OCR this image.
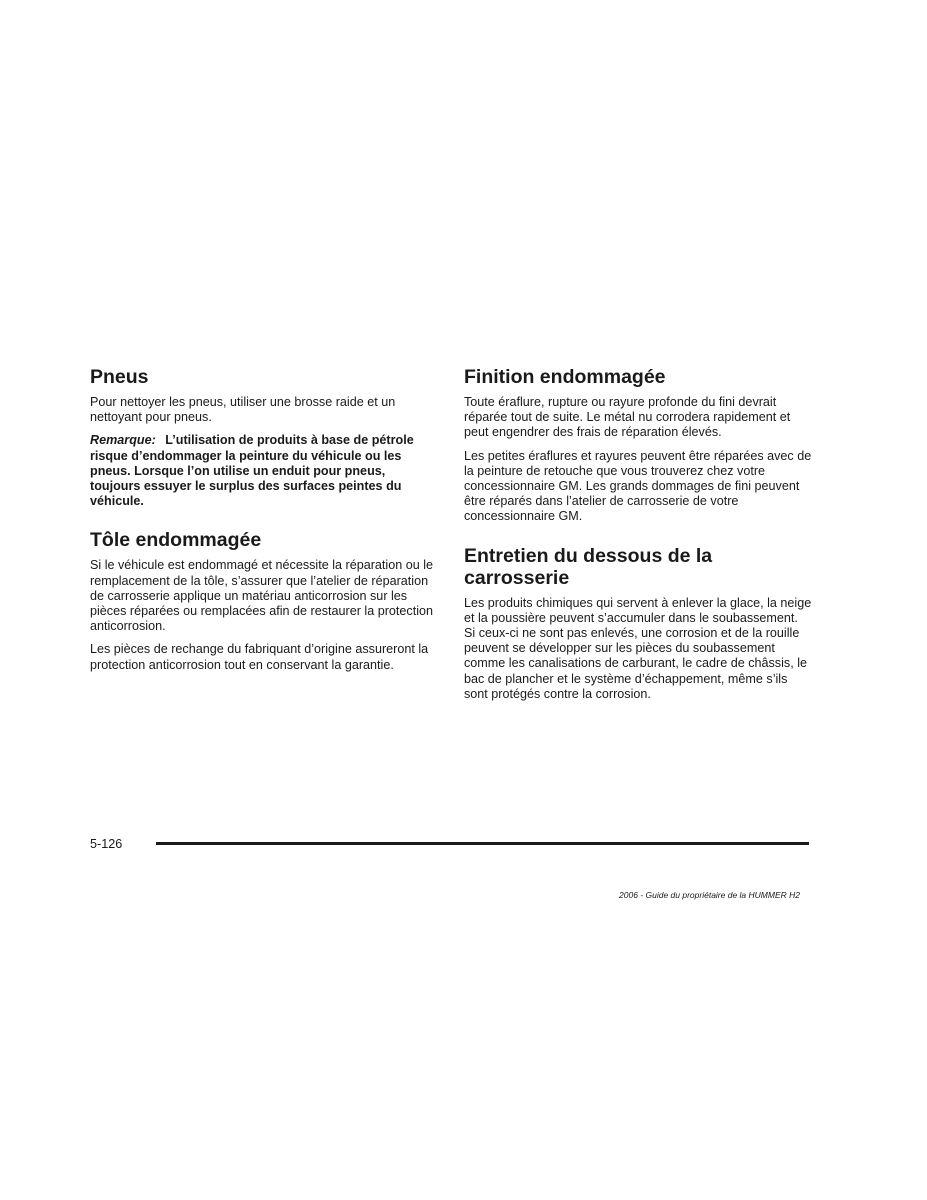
Pneus

Pour nettoyer les pneus, utiliser une brosse raide et un nettoyant pour pneus.

Remarque: L’utilisation de produits à base de pétrole risque d’endommager la peinture du véhicule ou les pneus. Lorsque l’on utilise un enduit pour pneus, toujours essuyer le surplus des surfaces peintes du véhicule.

Tôle endommagée

Si le véhicule est endommagé et nécessite la réparation ou le remplacement de la tôle, s’assurer que l’atelier de réparation de carrosserie applique un matériau anticorrosion sur les pièces réparées ou remplacées afin de restaurer la protection anticorrosion.

Les pièces de rechange du fabriquant d’origine assureront la protection anticorrosion tout en conservant la garantie.

Finition endommagée

Toute éraflure, rupture ou rayure profonde du fini devrait réparée tout de suite. Le métal nu corrodera rapidement et peut engendrer des frais de réparation élevés.

Les petites éraflures et rayures peuvent être réparées avec de la peinture de retouche que vous trouverez chez votre concessionnaire GM. Les grands dommages de fini peuvent être réparés dans l’atelier de carrosserie de votre concessionnaire GM.

Entretien du dessous de la carrosserie

Les produits chimiques qui servent à enlever la glace, la neige et la poussière peuvent s’accumuler dans le soubassement. Si ceux-ci ne sont pas enlevés, une corrosion et de la rouille peuvent se développer sur les pièces du soubassement comme les canalisations de carburant, le cadre de châssis, le bac de plancher et le système d’échappement, même s’ils sont protégés contre la corrosion.

5-126
2006 - Guide du propriétaire de la HUMMER H2
